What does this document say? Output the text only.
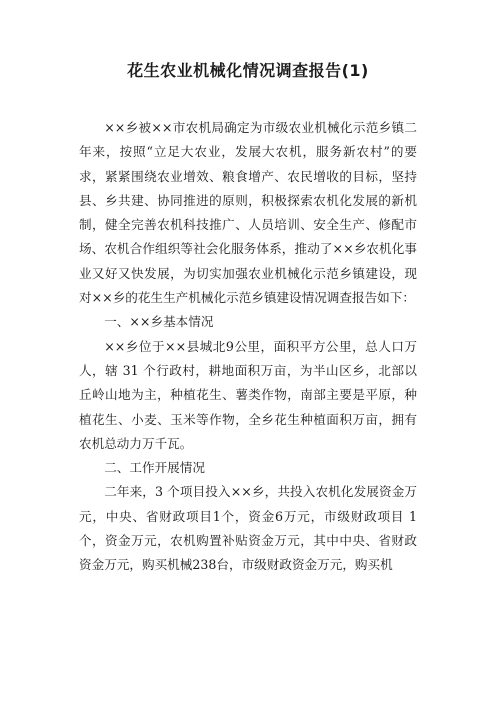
花生农业机械化情况调查报告(1)

××乡被××市农机局确定为市级农业机械化示范乡镇二年来，按照“立足大农业，发展大农机，服务新农村”的要求，紧紧围绕农业增效、粮食增产、农民增收的目标，坚持县、乡共建、协同推进的原则，积极探索农机化发展的新机制，健全完善农机科技推广、人员培训、安全生产、修配市场、农机合作组织等社会化服务体系，推动了××乡农机化事业又好又快发展，为切实加强农业机械化示范乡镇建设，现对××乡的花生生产机械化示范乡镇建设情况调查报告如下：

一、××乡基本情况

××乡位于××县城北9公里，面积平方公里，总人口万人，辖 31 个行政村，耕地面积万亩，为半山区乡，北部以丘岭山地为主，种植花生、薯类作物，南部主要是平原，种植花生、小麦、玉米等作物，全乡花生种植面积万亩，拥有农机总动力万千瓦。

二、工作开展情况

二年来，3 个项目投入××乡，共投入农机化发展资金万元，中央、省财政项目1个，资金6万元，市级财政项目 1 个，资金万元，农机购置补贴资金万元，其中中央、省财政资金万元，购买机械238台，市级财政资金万元，购买机
